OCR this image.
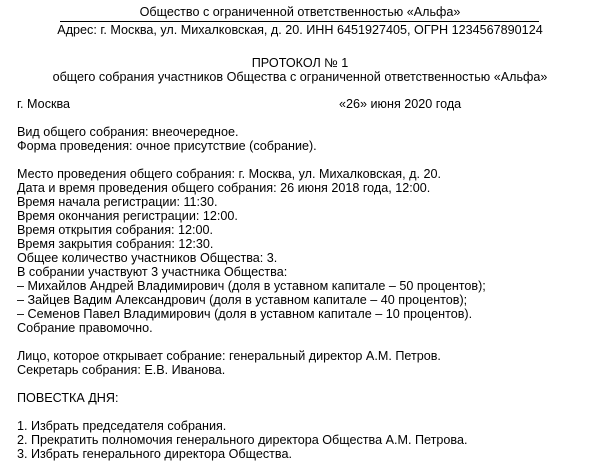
Общество с ограниченной ответственностью «Альфа»

Адрес: г. Москва, ул. Михалковская, д. 20. ИНН 6451927405, ОГРН 1234567890124

ПРОТОКОЛ № 1

общего собрания участников Общества с ограниченной ответственностью «Альфа»

г. Москва	«26» июня 2020 года

Вид общего собрания: внеочередное.

Форма проведения: очное присутствие (собрание).

Место проведения общего собрания: г. Москва, ул. Михалковская, д. 20.

Дата и время проведения общего собрания: 26 июня 2018 года, 12:00.

Время начала регистрации: 11:30.

Время окончания регистрации: 12:00.

Время открытия собрания: 12:00.

Время закрытия собрания: 12:30.

Общее количество участников Общества: 3.

В собрании участвуют 3 участника Общества:

– Михайлов Андрей Владимирович (доля в уставном капитале – 50 процентов);

– Зайцев Вадим Александрович (доля в уставном капитале – 40 процентов);

– Семенов Павел Владимирович (доля в уставном капитале – 10 процентов).

Собрание правомочно.

Лицо, которое открывает собрание: генеральный директор А.М. Петров.

Секретарь собрания: Е.В. Иванова.

ПОВЕСТКА ДНЯ:

1. Избрать председателя собрания.

2. Прекратить полномочия генерального директора Общества А.М. Петрова.

3. Избрать генерального директора Общества.
